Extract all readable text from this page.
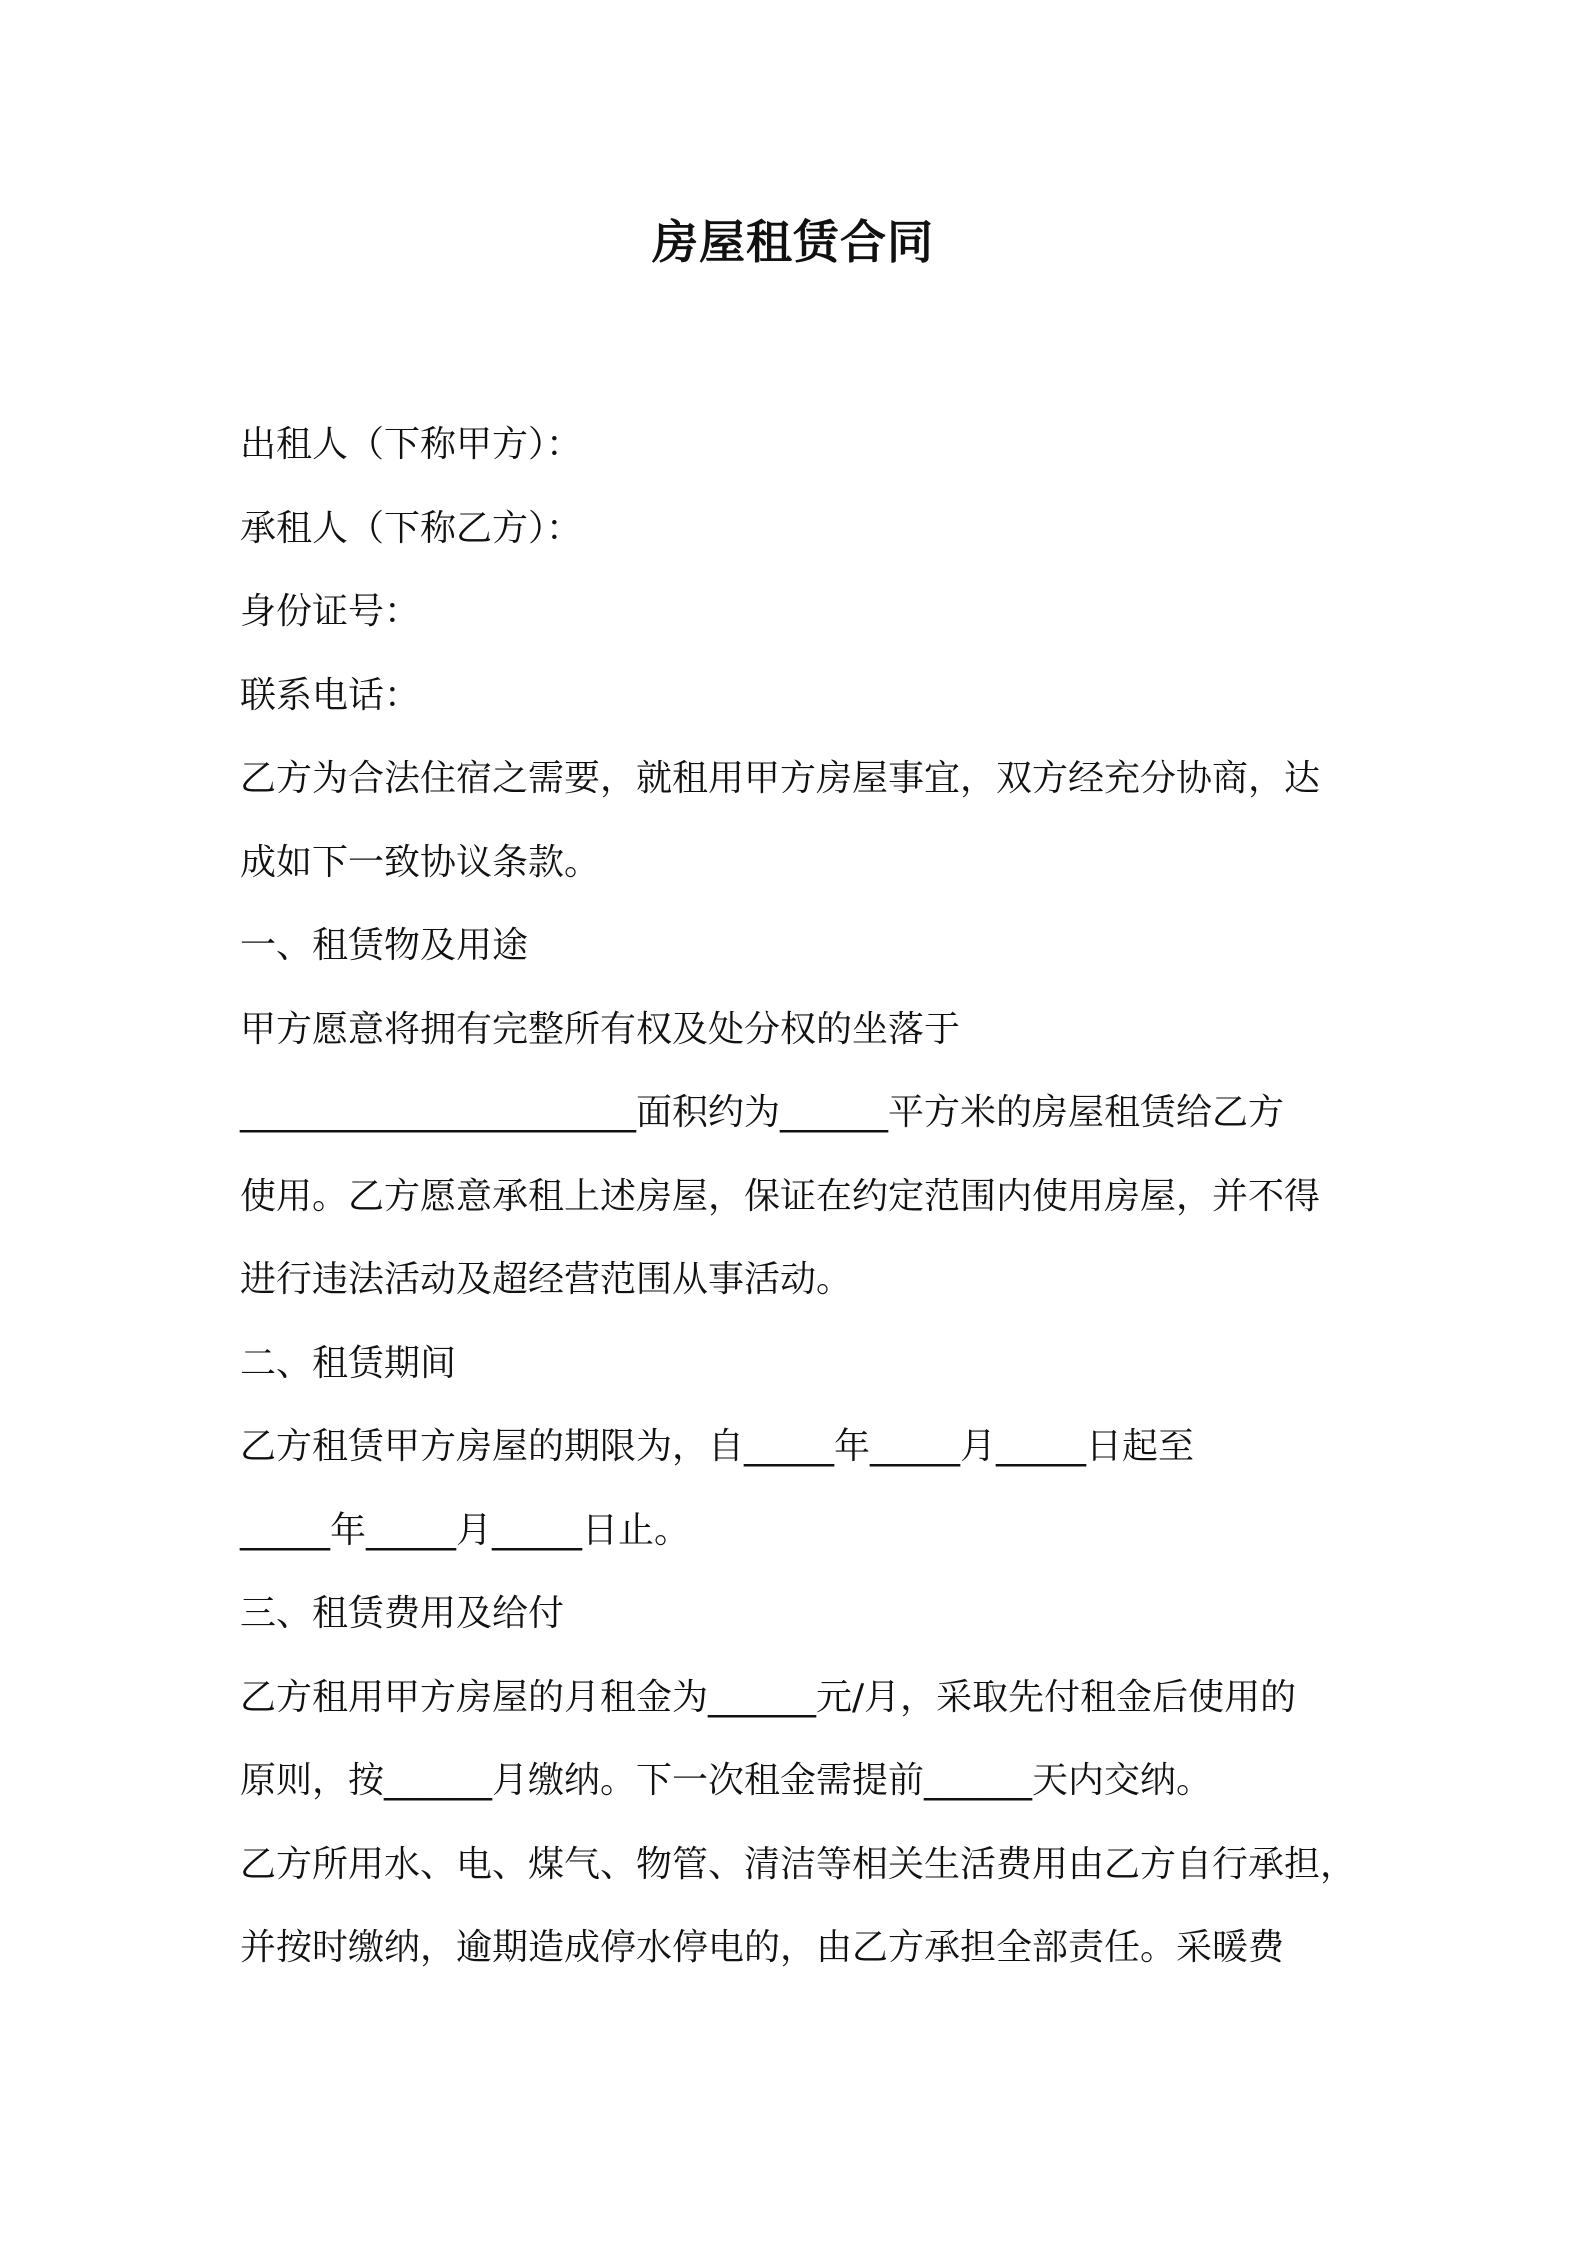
房屋租赁合同
出租人（下称甲方）：
承租人（下称乙方）：
身份证号：
联系电话：
乙方为合法住宿之需要，就租用甲方房屋事宜，双方经充分协商，达
成如下一致协议条款。
一、租赁物及用途
甲方愿意将拥有完整所有权及处分权的坐落于
______________________面积约为______平方米的房屋租赁给乙方
使用。乙方愿意承租上述房屋，保证在约定范围内使用房屋，并不得
进行违法活动及超经营范围从事活动。
二、租赁期间
乙方租赁甲方房屋的期限为，自_____年_____月_____日起至
_____年_____月_____日止。
三、租赁费用及给付
乙方租用甲方房屋的月租金为______元/月，采取先付租金后使用的
原则，按______月缴纳。下一次租金需提前______天内交纳。
乙方所用水、电、煤气、物管、清洁等相关生活费用由乙方自行承担，
并按时缴纳，逾期造成停水停电的，由乙方承担全部责任。采暖费
